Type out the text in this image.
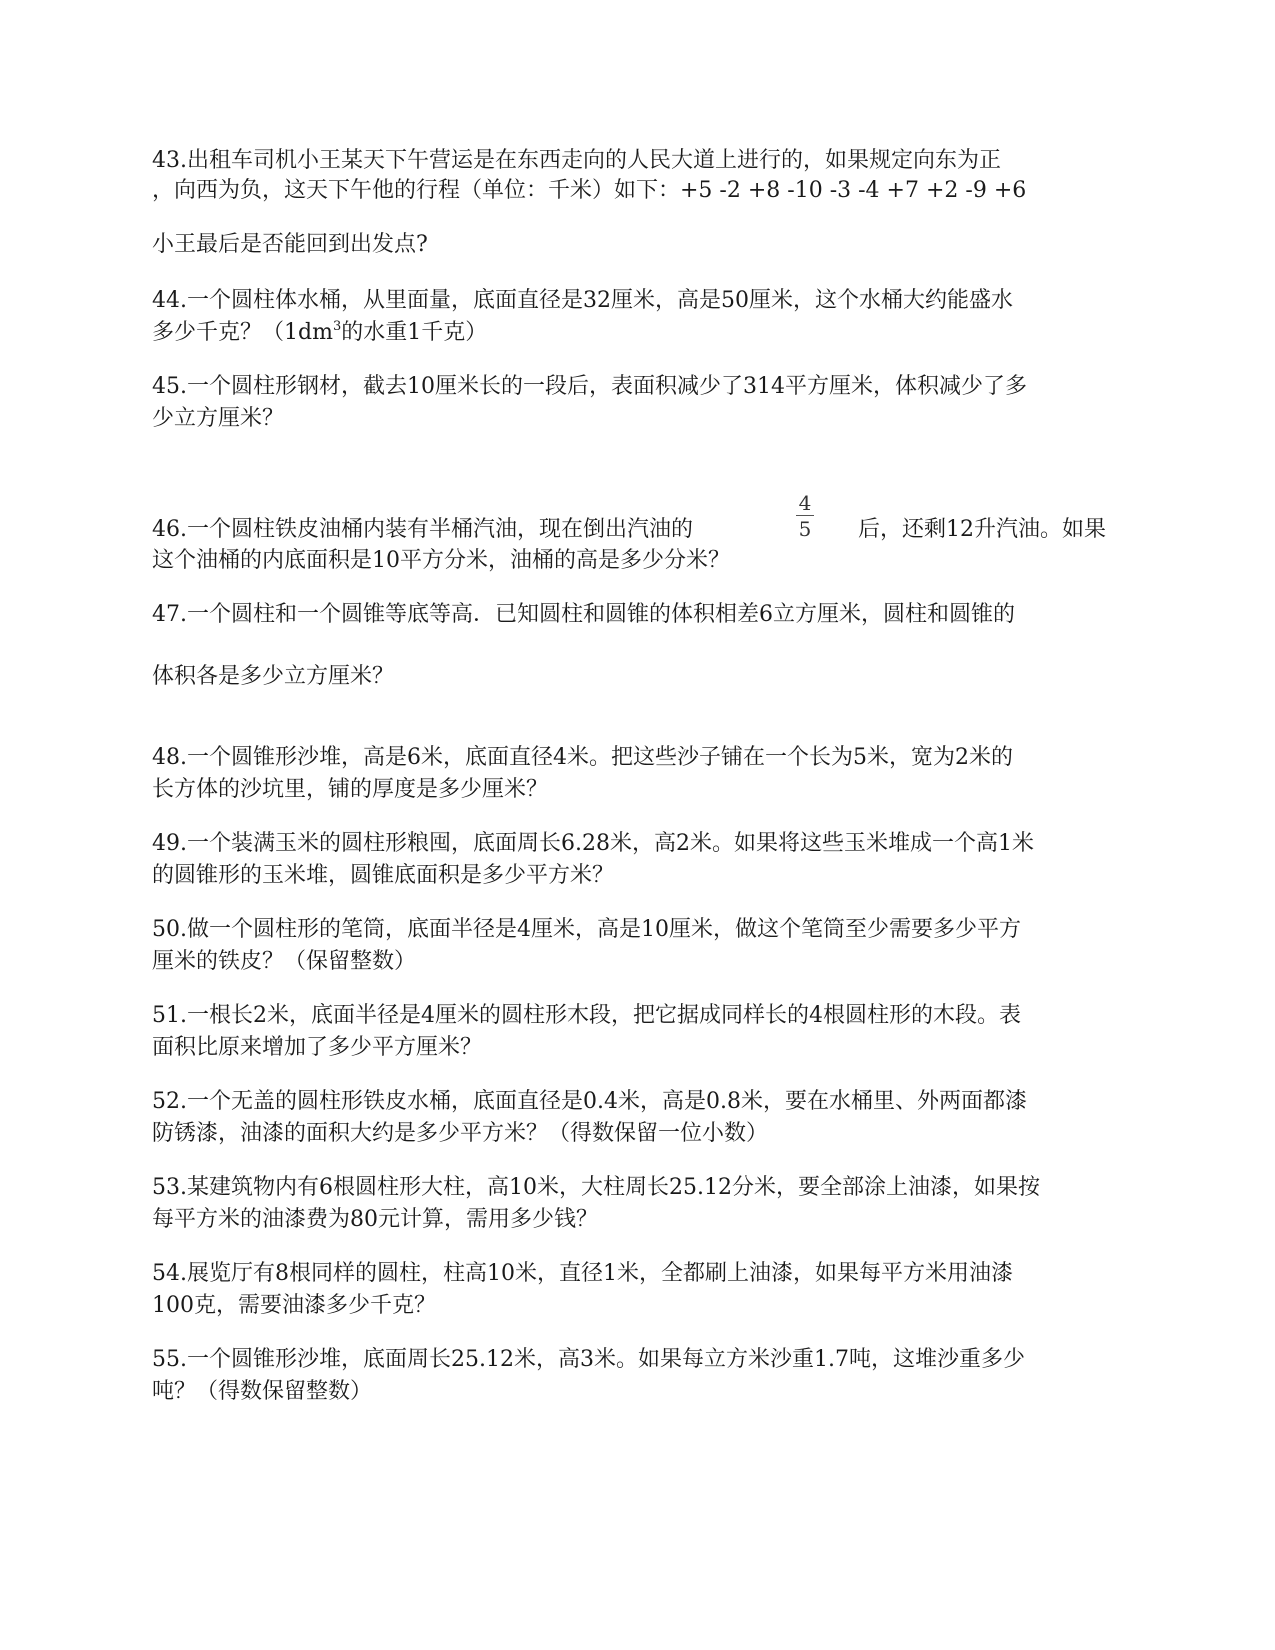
43.出租车司机小王某天下午营运是在东西走向的人民大道上进行的，如果规定向东为正

，向西为负，这天下午他的行程（单位：千米）如下：+5 -2 +8 -10 -3 -4 +7 +2 -9 +6

小王最后是否能回到出发点?

44.一个圆柱体水桶，从里面量，底面直径是32厘米，高是50厘米，这个水桶大约能盛水

多少千克？（$1dm^3$的水重1千克）

45.一个圆柱形钢材，截去10厘米长的一段后，表面积减少了314平方厘米，体积减少了多

少立方厘米？

4
5

46.一个圆柱铁皮油桶内装有半桶汽油，现在倒出汽油的	后，还剩12升汽油。如果

这个油桶的内底面积是10平方分米，油桶的高是多少分米？

47.一个圆柱和一个圆锥等底等高．已知圆柱和圆锥的体积相差6立方厘米，圆柱和圆锥的

体积各是多少立方厘米？

48.一个圆锥形沙堆，高是6米，底面直径4米。把这些沙子铺在一个长为5米，宽为2米的

长方体的沙坑里，铺的厚度是多少厘米？

49.一个装满玉米的圆柱形粮囤，底面周长6.28米，高2米。如果将这些玉米堆成一个高1米

的圆锥形的玉米堆，圆锥底面积是多少平方米？

50.做一个圆柱形的笔筒，底面半径是4厘米，高是10厘米，做这个笔筒至少需要多少平方

厘米的铁皮？（保留整数）

51.一根长2米，底面半径是4厘米的圆柱形木段，把它据成同样长的4根圆柱形的木段。表

面积比原来增加了多少平方厘米？

52.一个无盖的圆柱形铁皮水桶，底面直径是0.4米，高是0.8米，要在水桶里、外两面都漆

防锈漆，油漆的面积大约是多少平方米？（得数保留一位小数）

53.某建筑物内有6根圆柱形大柱，高10米，大柱周长25.12分米，要全部涂上油漆，如果按

每平方米的油漆费为80元计算，需用多少钱？

54.展览厅有8根同样的圆柱，柱高10米，直径1米，全都刷上油漆，如果每平方米用油漆

100克，需要油漆多少千克？

55.一个圆锥形沙堆，底面周长25.12米，高3米。如果每立方米沙重1.7吨，这堆沙重多少

吨？（得数保留整数）
